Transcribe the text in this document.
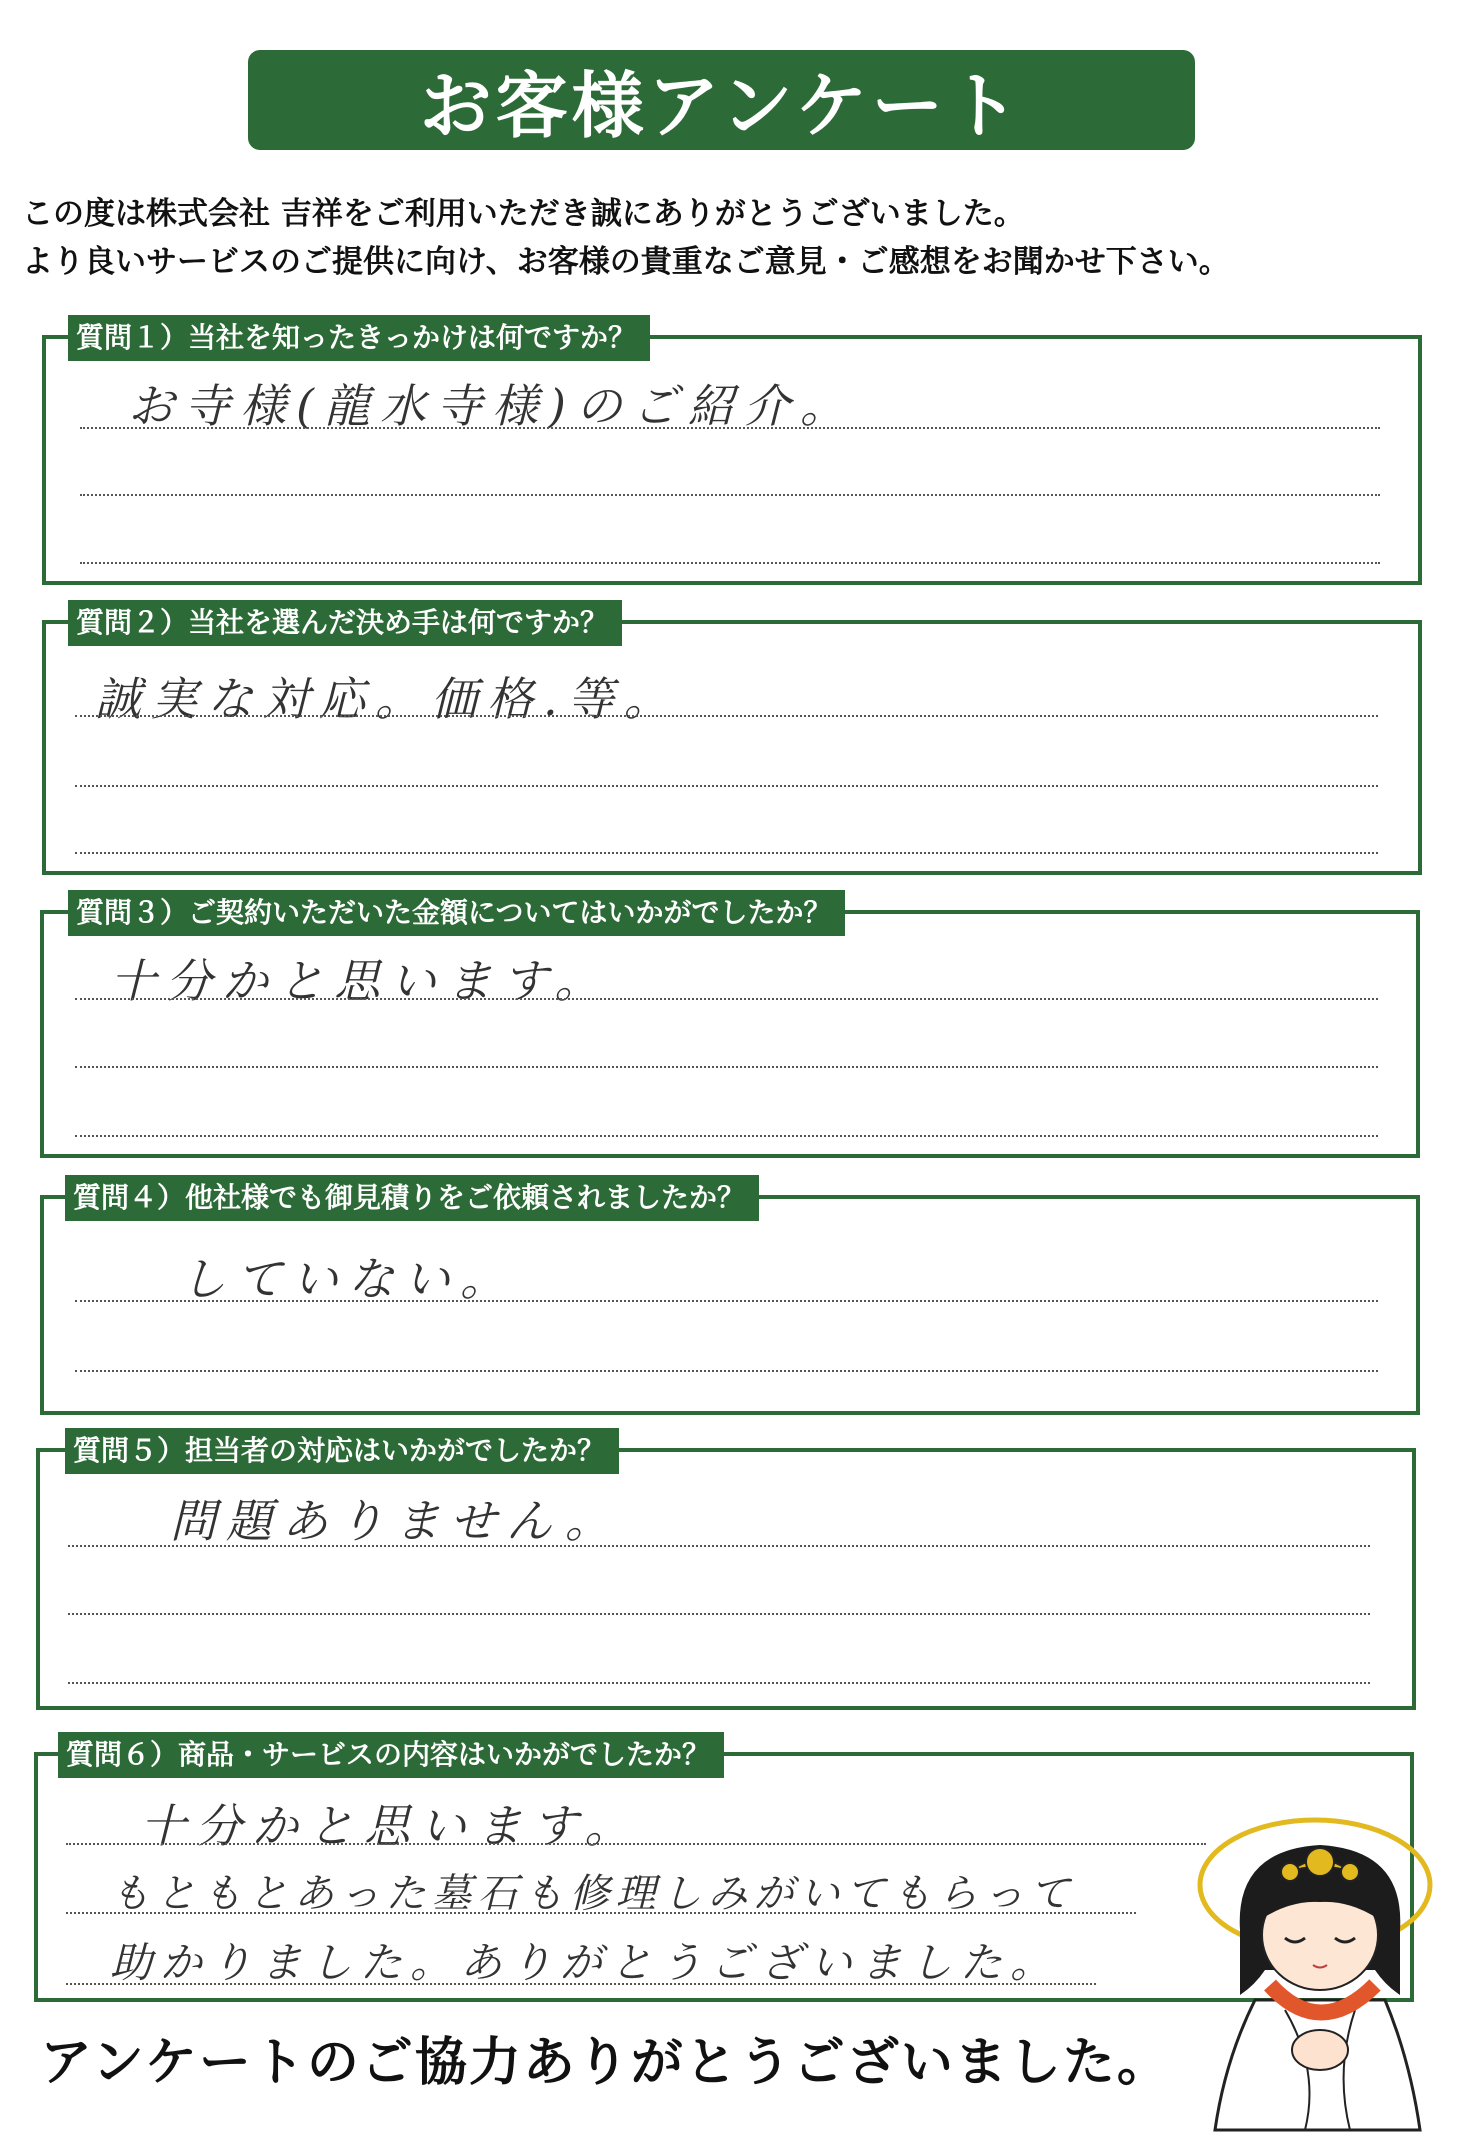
お客様アンケート
この度は株式会社 吉祥をご利用いただき誠にありがとうございました。
より良いサービスのご提供に向け、お客様の貴重なご意見・ご感想をお聞かせ下さい。
質問１）当社を知ったきっかけは何ですか？
お寺様(龍水寺様)のご紹介。
質問２）当社を選んだ決め手は何ですか？
誠実な対応。価格.等。
質問３）ご契約いただいた金額についてはいかがでしたか？
十分かと思います。
質問４）他社様でも御見積りをご依頼されましたか？
していない。
質問５）担当者の対応はいかがでしたか？
問題ありません。
質問６）商品・サービスの内容はいかがでしたか？
十分かと思います。
もともとあった墓石も修理しみがいてもらって
助かりました。ありがとうございました。
アンケートのご協力ありがとうございました。
